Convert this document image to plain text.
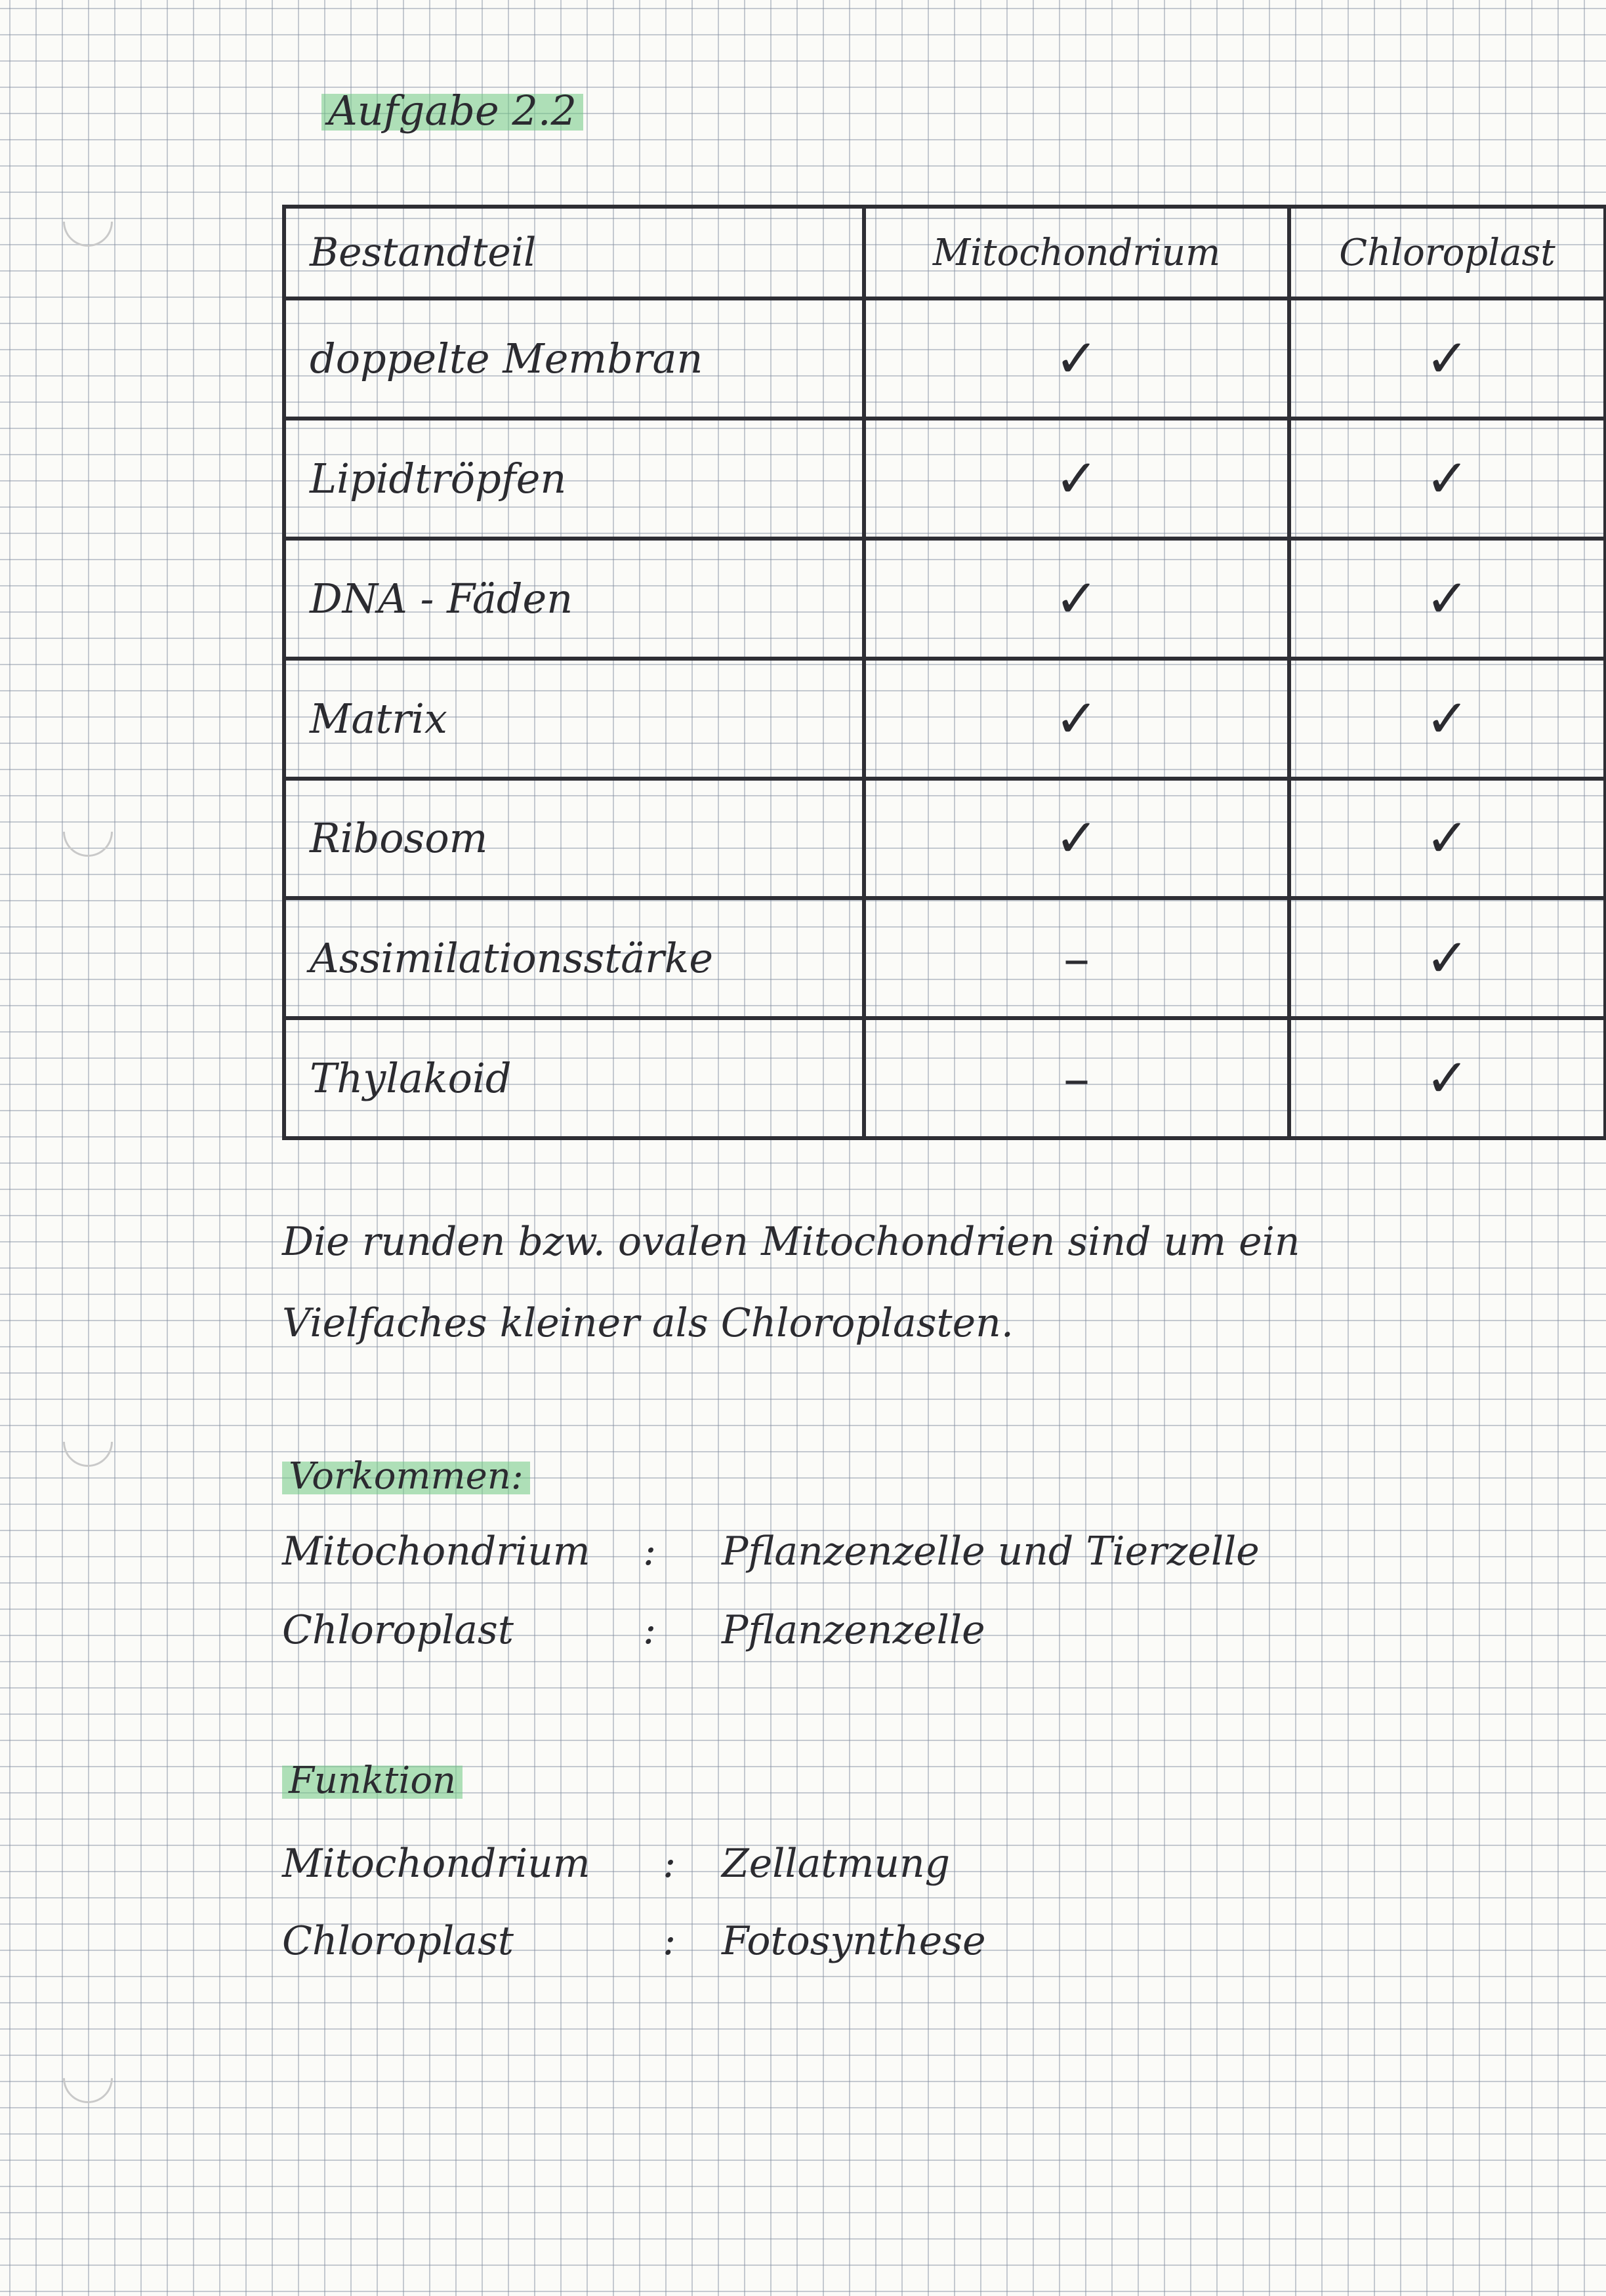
Aufgabe 2.2
Bestandteil	Mitochondrium	Chloroplast
doppelte Membran	✓	✓
Lipidtröpfen	✓	✓
DNA - Fäden	✓	✓
Matrix	✓	✓
Ribosom	✓	✓
Assimilationsstärke	–	✓
Thylakoid	–	✓
Die runden bzw. ovalen Mitochondrien sind um ein
Vielfaches kleiner als Chloroplasten.
Vorkommen:
Mitochondrium : Pflanzenzelle und Tierzelle
Chloroplast	: Pflanzenzelle
Funktion
Mitochondrium : Zellatmung
Chloroplast	: Fotosynthese
